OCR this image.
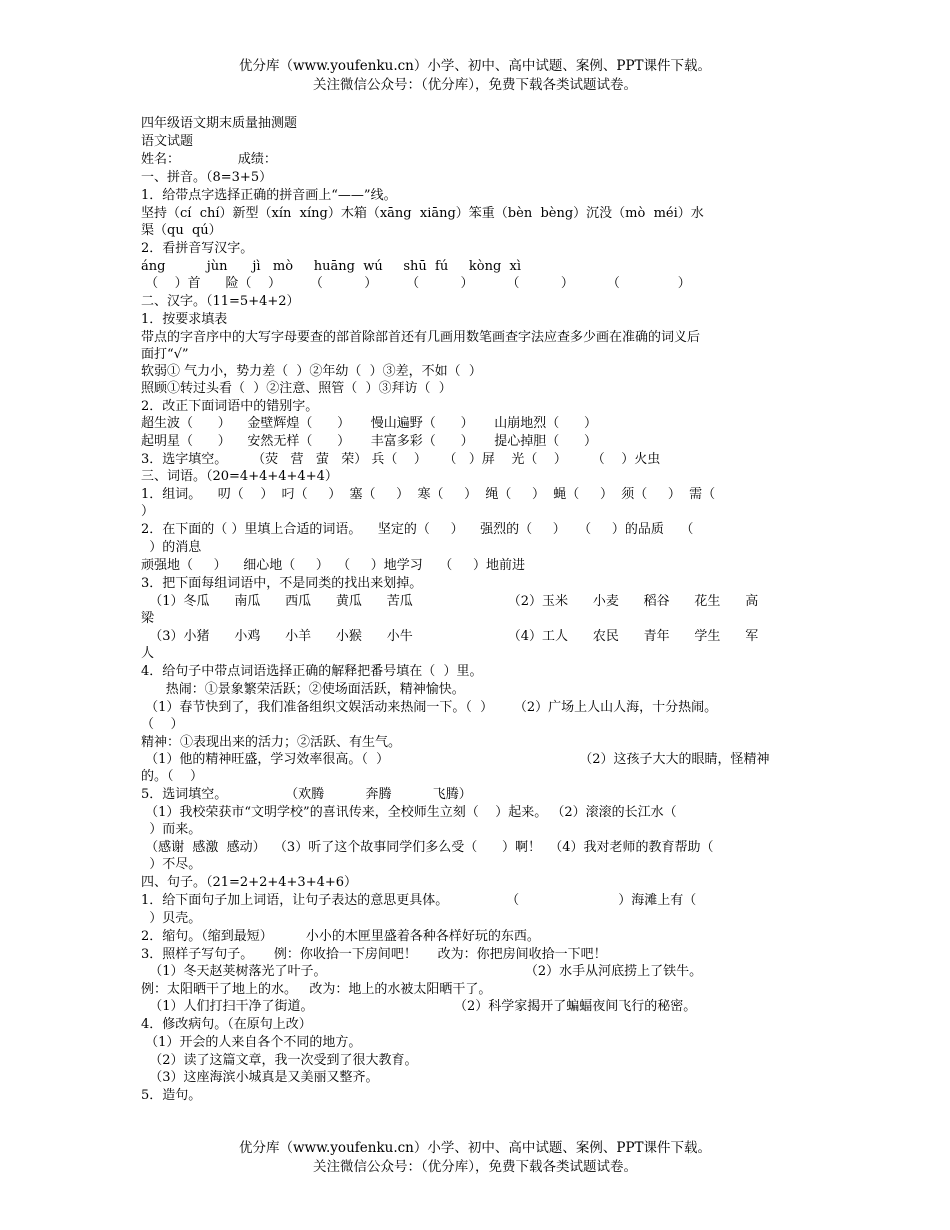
优分库（www.youfenku.cn）小学、初中、高中试题、案例、PPT课件下载。
关注微信公众号：（优分库），免费下载各类试题试卷。
四年级语文期末质量抽测题
语文试题
姓名：              成绩：
一、拼音。（8=3+5）
1．给带点字选择正确的拼音画上“——”线。
坚持（cí  chí）新型（xín  xíng）木箱（xāng  xiāng）笨重（bèn  bèng）沉没（mò  méi）水
渠（qu  qú）
2．看拼音写汉字。
áng          jùn      jì   mò     huāng  wú     shū  fú     kòng  xì
（    ）首      险（    ）       （          ）       （          ）        （          ）        （              ）
二、汉字。（11=5+4+2）
1．按要求填表
带点的字音序中的大写字母要查的部首除部首还有几画用数笔画查字法应查多少画在准确的词义后
面打“√”
软弱① 气力小，势力差（  ）②年幼（  ）③差，不如（  ）
照顾①转过头看（  ）②注意、照管（  ）③拜访（  ）
2．改正下面词语中的错别字。
超生波（      ）    金壁辉煌（      ）     慢山遍野（      ）     山崩地烈（      ）
起明星（      ）    安然无样（      ）     丰富多彩（      ）     提心掉胆（      ）
3．选字填空。      （荧   营   萤   荣） 兵（    ）    （   ）屏    光（    ）      （    ）火虫
三、词语。（20=4+4+4+4+4）
1．组词。    叨（    ）  叼（     ）  塞（     ）  寒（     ）  绳（     ）  蝇（     ）  须（     ）  需（
）
2．在下面的（ ）里填上合适的词语。    坚定的（     ）    强烈的（     ）   （     ）的品质    （
）的消息
顽强地（     ）    细心地（     ）  （     ）地学习    （     ）地前进
3．把下面每组词语中，不是同类的找出来划掉。
（1）冬瓜      南瓜      西瓜      黄瓜      苦瓜                       （2）玉米      小麦      稻谷      花生      高
梁
（3）小猪      小鸡      小羊      小猴      小牛                       （4）工人      农民      青年      学生      军
人
4．给句子中带点词语选择正确的解释把番号填在（  ）里。
热闹：①景象繁荣活跃；②使场面活跃，精神愉快。
（1）春节快到了，我们准备组织文娱活动来热闹一下。（  ）     （2）广场上人山人海，十分热闹。
（    ）
精神：①表现出来的活力；②活跃、有生气。
（1）他的精神旺盛，学习效率很高。（  ）                                              （2）这孩子大大的眼睛，怪精神
的。（    ）
5．选词填空。              （欢腾          奔腾          飞腾）
（1）我校荣获市“文明学校”的喜讯传来，全校师生立刻（    ）起来。 （2）滚滚的长江水（
）而来。
（感谢  感激  感动）  （3）听了这个故事同学们多么受（      ）啊！  （4）我对老师的教育帮助（
）不尽。
四、句子。（21=2+2+4+3+4+6）
1．给下面句子加上词语，让句子表达的意思更具体。              （                        ）海滩上有（
）贝壳。
2．缩句。（缩到最短）        小小的木匣里盛着各种各样好玩的东西。
3．照样子写句子。     例：你收拾一下房间吧！     改为：你把房间收拾一下吧！
（1）冬天赵荚树落光了叶子。                                                （2）水手从河底捞上了铁牛。
例：太阳晒干了地上的水。   改为：地上的水被太阳晒干了。
（1）人们打扫干净了街道。                                  （2）科学家揭开了蝙蝠夜间飞行的秘密。
4．修改病句。（在原句上改）
（1）开会的人来自各个不同的地方。
（2）读了这篇文章，我一次受到了很大教育。
（3）这座海滨小城真是又美丽又整齐。
5．造句。
优分库（www.youfenku.cn）小学、初中、高中试题、案例、PPT课件下载。
关注微信公众号：（优分库），免费下载各类试题试卷。
